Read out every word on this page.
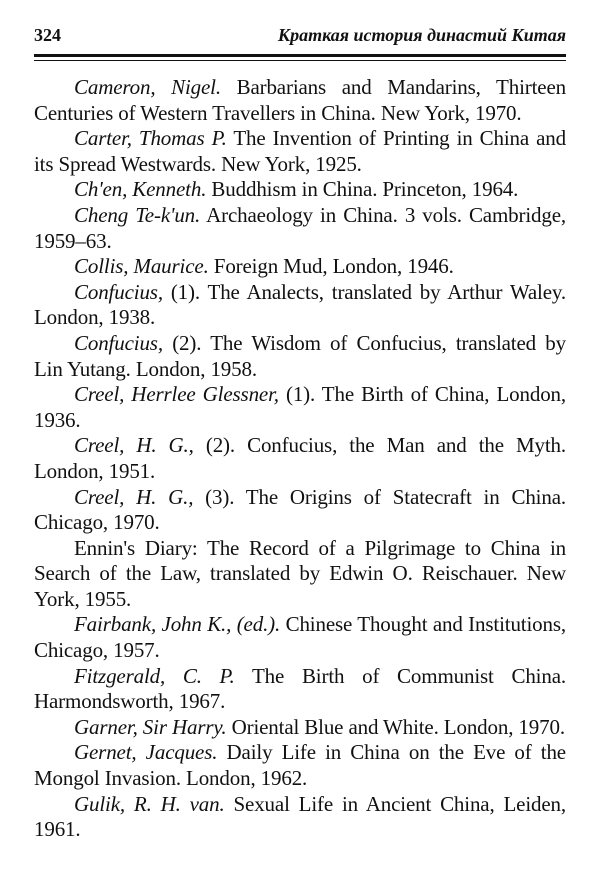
324	Краткая история династий Китая

Cameron, Nigel. Barbarians and Mandarins, Thirteen Centuries of Western Travellers in China. New York, 1970.

Carter, Thomas P. The Invention of Printing in China and its Spread Westwards. New York, 1925.

Ch'en, Kenneth. Buddhism in China. Princeton, 1964.

Cheng Te-k'un. Archaeology in China. 3 vols. Cambridge, 1959–63.

Collis, Maurice. Foreign Mud, London, 1946.

Confucius, (1). The Analects, translated by Arthur Waley. London, 1938.

Confucius, (2). The Wisdom of Confucius, translated by Lin Yutang. London, 1958.

Creel, Herrlee Glessner, (1). The Birth of China, London, 1936.

Creel, H. G., (2). Confucius, the Man and the Myth. London, 1951.

Creel, H. G., (3). The Origins of Statecraft in China. Chicago, 1970.

Ennin's Diary: The Record of a Pilgrimage to China in Search of the Law, translated by Edwin O. Reischauer. New York, 1955.

Fairbank, John K., (ed.). Chinese Thought and Institutions, Chicago, 1957.

Fitzgerald, C. P. The Birth of Communist China. Harmondsworth, 1967.

Garner, Sir Harry. Oriental Blue and White. London, 1970.

Gernet, Jacques. Daily Life in China on the Eve of the Mongol Invasion. London, 1962.

Gulik, R. H. van. Sexual Life in Ancient China, Leiden, 1961.
